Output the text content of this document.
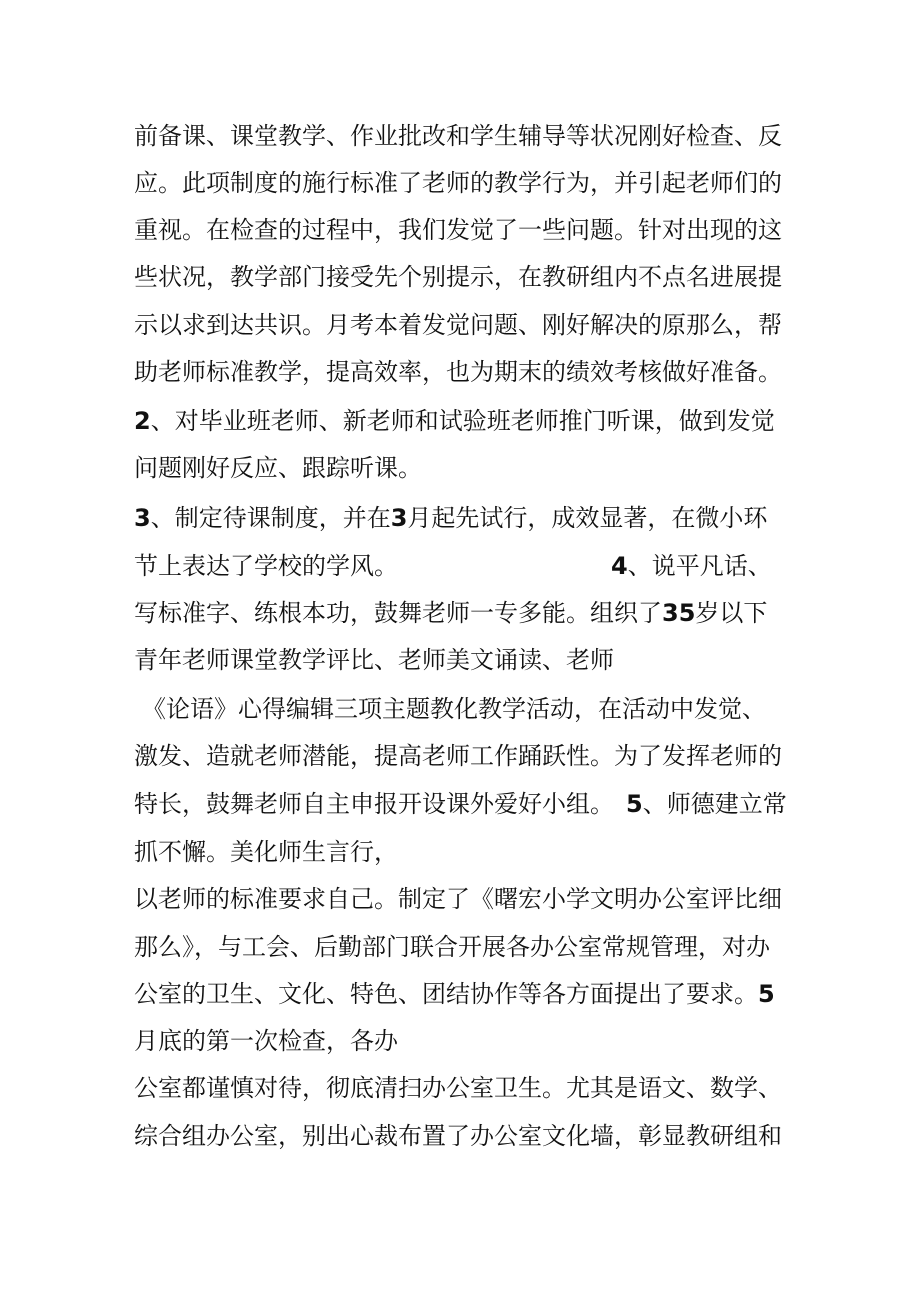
前备课、课堂教学、作业批改和学生辅导等状况刚好检查、反
应。此项制度的施行标准了老师的教学行为，并引起老师们的
重视。在检查的过程中，我们发觉了一些问题。针对出现的这
些状况，教学部门接受先个别提示，在教研组内不点名进展提
示以求到达共识。月考本着发觉问题、刚好解决的原那么，帮
助老师标准教学，提高效率，也为期末的绩效考核做好准备。
2、对毕业班老师、新老师和试验班老师推门听课，做到发觉
问题刚好反应、跟踪听课。
3、制定待课制度，并在3月起先试行，成效显著，在微小环
节上表达了学校的学风。	4、说平凡话、
写标准字、练根本功，鼓舞老师一专多能。组织了35岁以下
青年老师课堂教学评比、老师美文诵读、老师
《论语》心得编辑三项主题教化教学活动，在活动中发觉、
激发、造就老师潜能，提高老师工作踊跃性。为了发挥老师的
特长，鼓舞老师自主申报开设课外爱好小组。 5、师德建立常
抓不懈。美化师生言行，
以老师的标准要求自己。制定了《曙宏小学文明办公室评比细
那么》，与工会、后勤部门联合开展各办公室常规管理，对办
公室的卫生、文化、特色、团结协作等各方面提出了要求。5
月底的第一次检查，各办
公室都谨慎对待，彻底清扫办公室卫生。尤其是语文、数学、
综合组办公室，别出心裁布置了办公室文化墙，彰显教研组和
